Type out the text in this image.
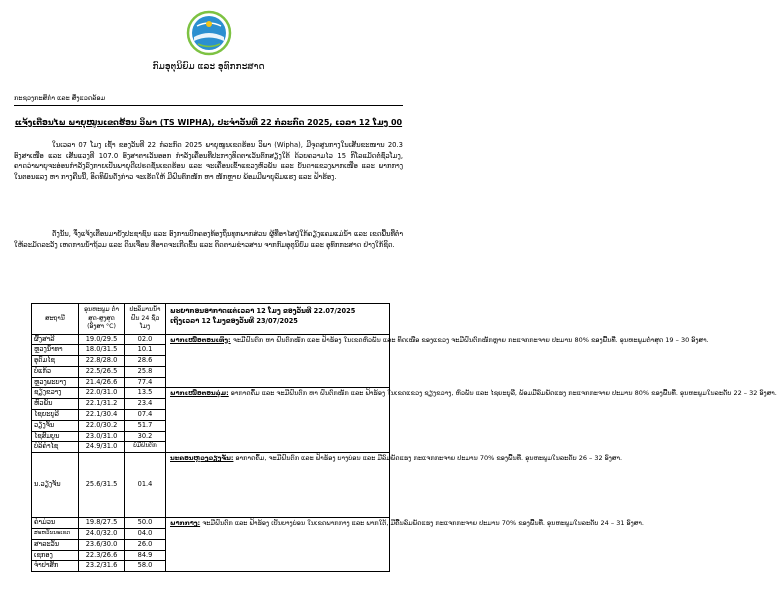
ກົມອຸຕຸນິຍົມ ແລະ ອຸທົກກະສາດ
ກະຊວງກະສິກຳ ແລະ ສິ່ງແວດລ້ອມ
ແຈ້ງເຕືອນໄພ ພາຍຸໝູນເຂດຮ້ອນ ວິພາ (TS WIPHA), ປະຈຳວັນທີ 22 ກໍລະກົດ 2025, ເວລາ 12 ໂມງ 00

ໃນເວລາ 07 ໂມງ ເຊົ້າ ຂອງວັນທີ 22 ກໍລະກົດ 2025 ພາຍຸໝູນເຂດຮ້ອນ ວິພາ (Wipha), ມີຈຸດສູນກາງໃນເສັ້ນຂະໜານ 20.3 ອົງສາເໜືອ ແລະ ເສັ້ນແວງທີ 107.0 ອົງສາຕາເວັນອອກ ກຳລັງເຄື່ອນທີ່ປະກາງທິດຕາເວັນຕົກສຽງໃຕ້ ດ້ວຍຄວາມໄວ 15 ກິໂລແມັດຕໍ່ຊົ່ວໂມງ, ຄາດວ່າພາຍຸຈະອ່ອນກຳລັງລົງກາຍເປັນພາຍຸດີເປຣດຊັ່ນເຂດຮ້ອນ ແລະ ຈະເຄື່ອນເຂົ້າແຂວງຫົວພັນ ແລະ ບັນດາແຂວງພາກເໜືອ ແລະ ພາກກາງ ໃນຕອນແລງ ຫາ ກາງຄືນນີ້, ອິດທິພົນດັ່ງກ່າວ ຈະເຮັດໃຫ້ ມີຝົນຕົກໜັກ ຫາ ໜັກຫຼາຍ ພ້ອມມີພາຍຸລົມແຮງ ແລະ ຟ້າຮ້ອງ.

ດັ່ງນັ້ນ, ຈຶ່ງແຈ້ງເຕືອນມາຍັງປະຊາຊົນ ແລະ ອົງການປົກຄອງທ້ອງຖິ່ນທຸກພາກສ່ວນ ຜູ້ທີ່ອາໄສຢູ່ໃກ້ຄຽງແຄມແມ່ນ້ຳ ແລະ ເຂດພື້ນທີ່ຕ່ຳ ໃຫ້ລະມັດລະວັງ ເຫດການນ້ຳຖ້ວມ ແລະ ດິນເຈື່ອນ ທີ່ອາດຈະເກີດຂຶ້ນ ແລະ ຕິດຕາມຂ່າວສານ ຈາກກົມອຸຕຸນິຍົມ ແລະ ອຸທົກກະສາດ ຢ່າງໃກ້ຊິດ.

ສະຖານີ	ອຸນຫະພູມ ຕ່ຳ ສຸດ-ສູງສຸດ (ອົງສາ °C)	ປະລິມານນ້ຳ ຝົນ 24 ຊົ່ວ ໂມງ	ພະຍາກອນອາກາດແຕ່ເວລາ 12 ໂມງ ຂອງວັນທີ 22.07/2025
ເຖິງເວລາ 12 ໂມງຂອງວັນທີ 23/07/2025
ຜົ້ງສາລີ	19.0/29.5	02.0	ພາກເໜືອຕອນເທິງ: ຈະມີຝົນຕົກ ຫາ ຝົນຕົກໜັກ ແລະ ຟ້າຮ້ອງ ໃນເຂດຫົວພັນ ແລະ ທິດເໜືອ ຂອງແຂວງ ຈະມີຝົນຕົກໜັກຫຼາຍ ກະແຈກກະຈາຍ ປະມານ 80% ຂອງພື້ນທີ່. ອຸນຫະພູມຕ່ຳສຸດ 19 – 30 ອົງສາ.
ຫຼວງນ້ຳທາ	18.0/31.5	10.1	
ອຸດົມໄຊ	22.8/28.0	28.6	
ບໍ່ແກ້ວ	22.5/26.5	25.8	
ຫຼວງພະບາງ	21.4/26.6	77.4	
ຊຽງຂວາງ	22.0/31.0	13.5	ພາກເໜືອຕອນລຸ່ມ: ອາກາດຄຶ້ມ ແລະ ຈະມີຝົນຕົກ ຫາ ຝົນຕົກໜັກ ແລະ ຟ້າຮ້ອງ ໃນເຂດແຂວງ ຊຽງຂວາງ, ຫົວພັນ ແລະ ໄຊຍະບູລີ, ພ້ອມມີລົມພັດແຮງ ກະແຈກກະຈາຍ ປະມານ 80% ຂອງພື້ນທີ່. ອຸນຫະພູມໃນລະດັບ 22 – 32 ອົງສາ.
ຫົວພັນ	22.1/31.2	23.4	
ໄຊຍະບູລີ	22.1/30.4	07.4	
ວຽງຈັນ	22.0/30.2	51.7	
ໄຊສົມບູນ	23.0/31.0	30.2	
ບໍລິຄຳໄຊ	24.9/31.0	ບໍ່ມີຝົນຕົກ	
ນ.ວຽງຈັນ	25.6/31.5	01.4	ນະຄອນຫຼວງວຽງຈັນ: ອາກາດຄຶ້ມ, ຈະມີຝົນຕົກ ແລະ ຟ້າຮ້ອງ ບາງບ່ອນ ແລະ ມີລົມພັດແຮງ ກະແຈກກະຈາຍ ປະມານ 70% ຂອງພື້ນທີ່. ອຸນຫະພູມໃນລະດັບ 26 – 32 ອົງສາ.
ຄຳມ່ວນ	19.8/27.5	50.0	ພາກກາງ: ຈະມີຝົນຕົກ ແລະ ຟ້າຮ້ອງ ເປັນບາງບ່ອນ ໃນເຂດພາກກາງ ແລະ ພາກໃຕ້, ມີຄື້ນລົມພັດແຮງ ກະແຈກກະຈາຍ ປະມານ 70% ຂອງພື້ນທີ່. ອຸນຫະພູມໃນລະດັບ 24 – 31 ອົງສາ.
ສະຫວັນນະເຂດ	24.0/32.0	04.0	
ສາລະວັນ	23.6/30.0	26.0	
ເຊກອງ	22.3/26.6	84.9	
ຈຳປາສັກ	23.2/31.6	58.0	
